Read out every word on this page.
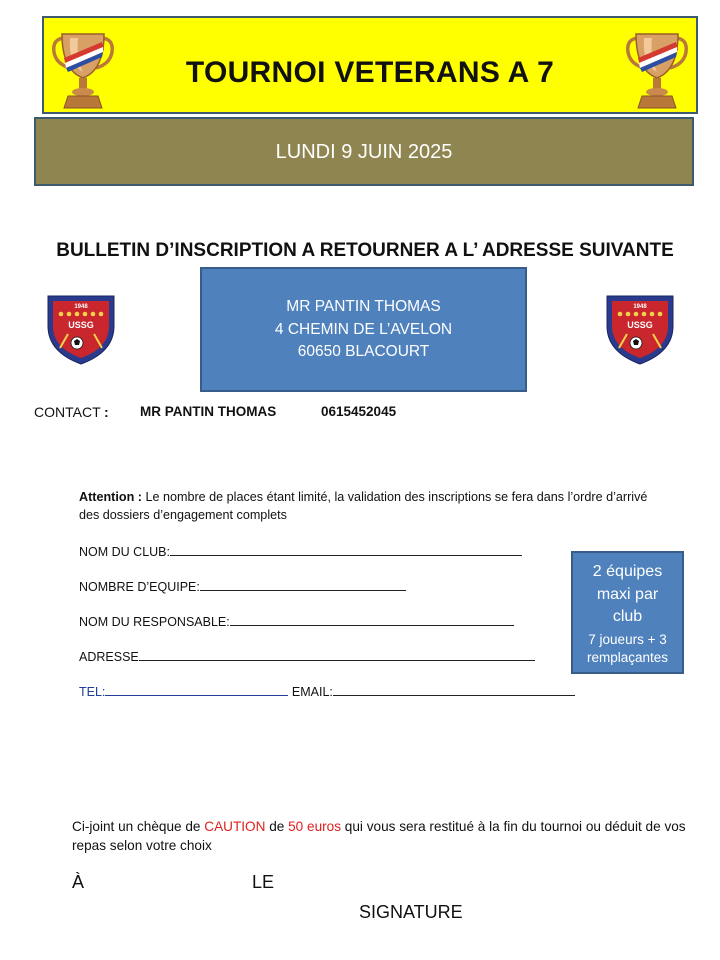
TOURNOI VETERANS A 7
LUNDI 9 JUIN 2025
BULLETIN D’INSCRIPTION A RETOURNER A L’ ADRESSE SUIVANTE
1948
USSG
MR PANTIN THOMAS
4 CHEMIN DE L’AVELON
60650 BLACOURT
1948
USSG
CONTACT : MR PANTIN THOMAS	0615452045
Attention : Le nombre de places étant limité, la validation des inscriptions se fera dans l’ordre d’arrivé des dossiers d’engagement complets
NOM DU CLUB:
NOMBRE D’EQUIPE:
NOM DU RESPONSABLE:
ADRESSE
TEL:	EMAIL:
2 équipes
maxi par
club
7 joueurs + 3
remplaçantes
Ci-joint un chèque de CAUTION de 50 euros qui vous sera restitué à la fin du tournoi ou déduit de vos repas selon votre choix
À	LE
SIGNATURE
